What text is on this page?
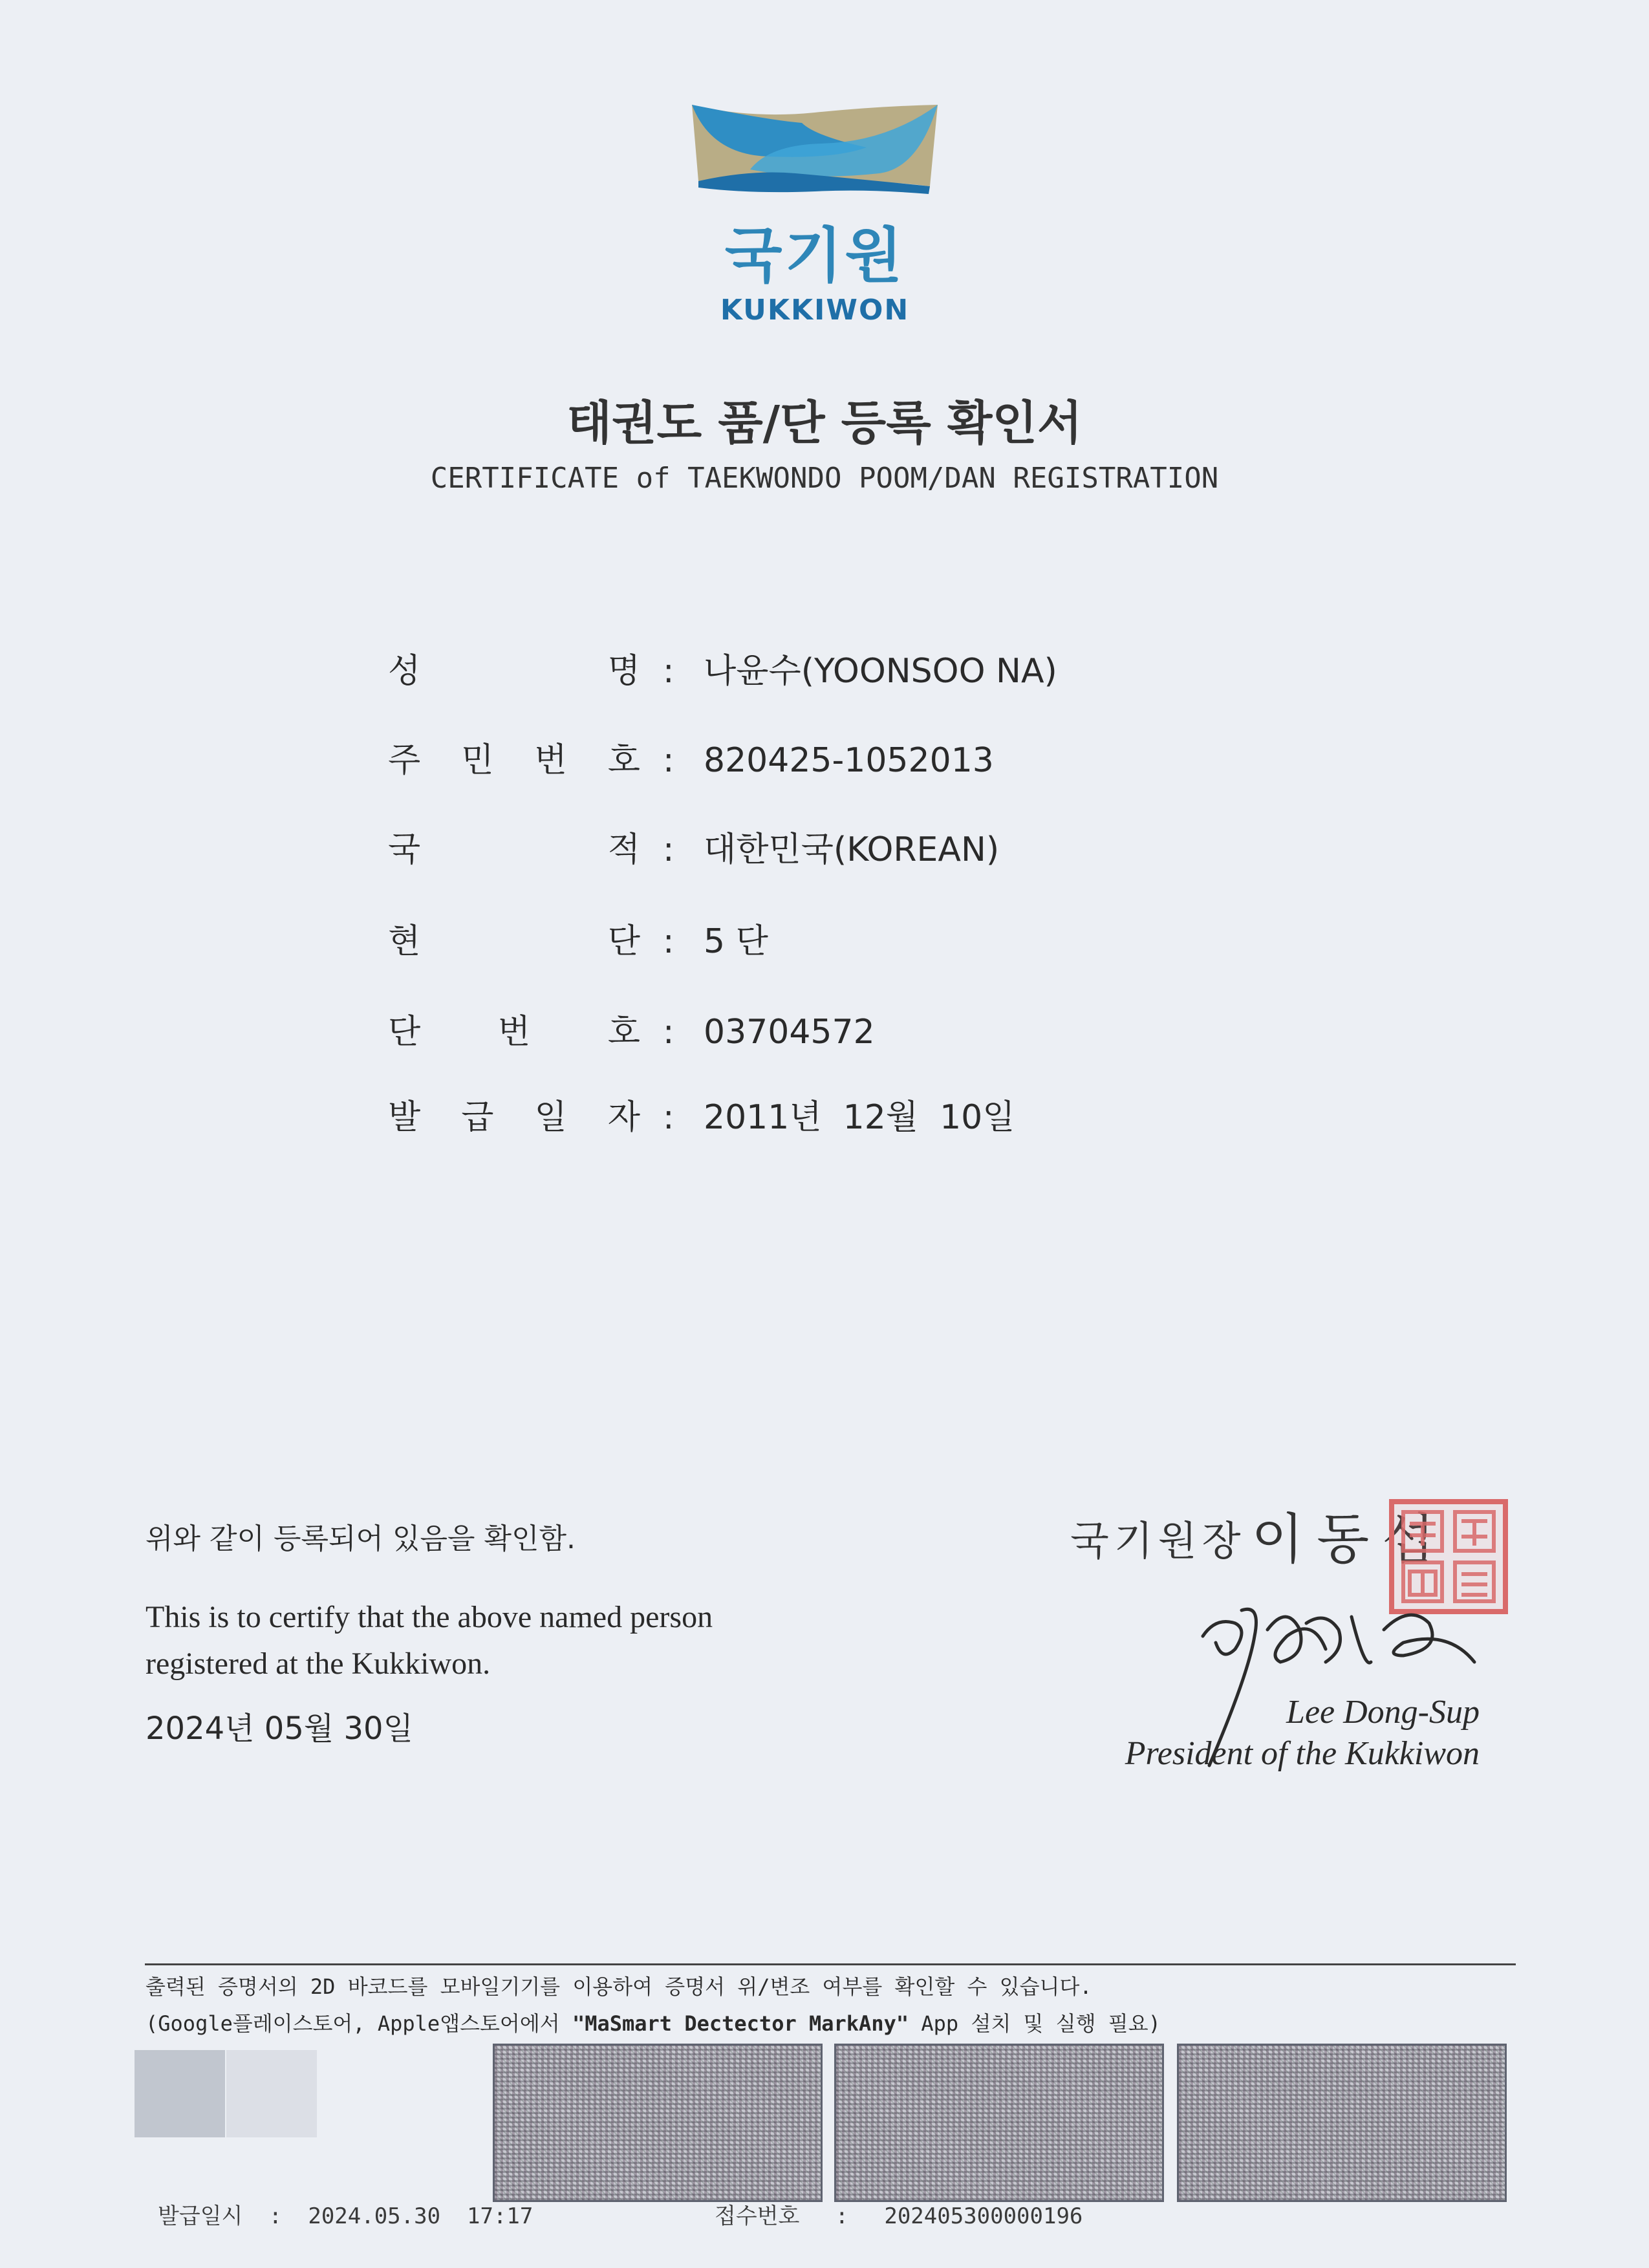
국기원
KUKKIWON
태권도 품/단 등록 확인서
CERTIFICATE of TAEKWONDO POOM/DAN REGISTRATION
성	명 : 나윤수(YOONSOO NA)
주 민 번 호 : 820425-1052013
국	적 : 대한민국(KOREAN)
현	단 : 5 단
단 번 호 : 03704572
발 급 일 자 : 2011년  12월  10일
위와 같이 등록되어 있음을 확인함.
This is to certify that the above named person
registered at the Kukkiwon.
2024년 05월 30일
국기원장 이동섭
Lee Dong-Sup
President of the Kukkiwon
출력된 증명서의 2D 바코드를 모바일기기를 이용하여 증명서 위/변조 여부를 확인할 수 있습니다.
(Google플레이스토어, Apple앱스토어에서 "MaSmart Dectector MarkAny" App 설치 및 실행 필요)
발급일시 : 2024.05.30  17:17	접수번호 : 202405300000196
